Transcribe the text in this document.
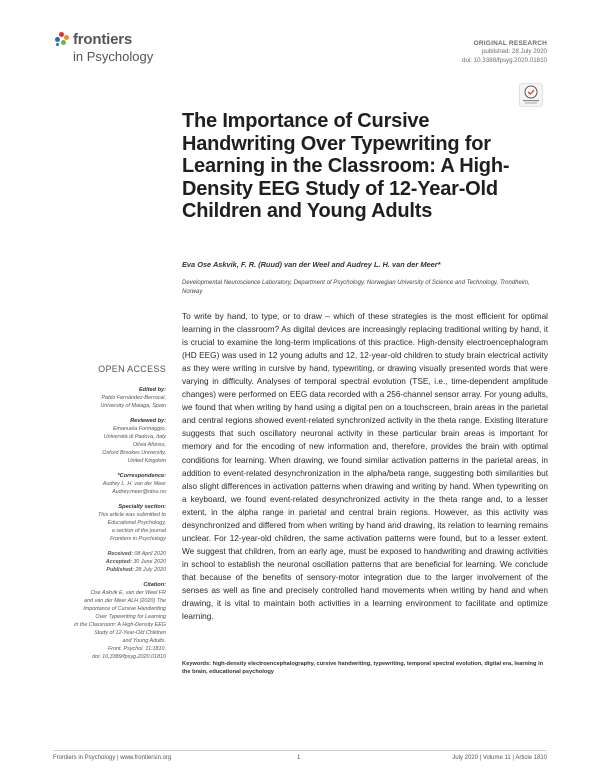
frontiers
in Psychology
ORIGINAL RESEARCH
published: 28 July 2020
doi: 10.3389/fpsyg.2020.01810
The Importance of Cursive Handwriting Over Typewriting for Learning in the Classroom: A High-Density EEG Study of 12-Year-Old Children and Young Adults
Eva Ose Askvik, F. R. (Ruud) van der Weel and Audrey L. H. van der Meer*
Developmental Neuroscience Laboratory, Department of Psychology, Norwegian University of Science and Technology, Trondheim, Norway
To write by hand, to type, or to draw – which of these strategies is the most efficient for optimal learning in the classroom? As digital devices are increasingly replacing traditional writing by hand, it is crucial to examine the long-term implications of this practice. High-density electroencephalogram (HD EEG) was used in 12 young adults and 12, 12-year-old children to study brain electrical activity as they were writing in cursive by hand, typewriting, or drawing visually presented words that were varying in difficulty. Analyses of temporal spectral evolution (TSE, i.e., time-dependent amplitude changes) were performed on EEG data recorded with a 256-channel sensor array. For young adults, we found that when writing by hand using a digital pen on a touchscreen, brain areas in the parietal and central regions showed event-related synchronized activity in the theta range. Existing literature suggests that such oscillatory neuronal activity in these particular brain areas is important for memory and for the encoding of new information and, therefore, provides the brain with optimal conditions for learning. When drawing, we found similar activation patterns in the parietal areas, in addition to event-related desynchronization in the alpha/beta range, suggesting both similarities but also slight differences in activation patterns when drawing and writing by hand. When typewriting on a keyboard, we found event-related desynchronized activity in the theta range and, to a lesser extent, in the alpha range in parietal and central brain regions. However, as this activity was desynchronized and differed from when writing by hand and drawing, its relation to learning remains unclear. For 12-year-old children, the same activation patterns were found, but to a lesser extent. We suggest that children, from an early age, must be exposed to handwriting and drawing activities in school to establish the neuronal oscillation patterns that are beneficial for learning. We conclude that because of the benefits of sensory-motor integration due to the larger involvement of the senses as well as fine and precisely controlled hand movements when writing by hand and when drawing, it is vital to maintain both activities in a learning environment to facilitate and optimize learning.
Keywords: high-density electroencephalography, cursive handwriting, typewriting, temporal spectral evolution, digital era, learning in the brain, educational psychology
OPEN ACCESS
Edited by:
Pablo Fernández-Berrocal,
University of Malaga, Spain
Reviewed by:
Emanuela Formaggio,
Università di Padova, Italy
Olivia Afonso,
Oxford Brookes University,
United Kingdom
*Correspondence:
Audrey L. H. van der Meer
Audrey.meer@ntnu.no
Specialty section:
This article was submitted to
Educational Psychology,
a section of the journal
Frontiers in Psychology
Received: 08 April 2020
Accepted: 30 June 2020
Published: 28 July 2020
Citation:
Ose Askvik E, van der Weel FR
and van der Meer ALH (2020) The
Importance of Cursive Handwriting
Over Typewriting for Learning
in the Classroom: A High-Density EEG
Study of 12-Year-Old Children
and Young Adults.
Front. Psychol. 11:1810.
doi: 10.3389/fpsyg.2020.01810
Frontiers in Psychology | www.frontiersin.org	1	July 2020 | Volume 11 | Article 1810
